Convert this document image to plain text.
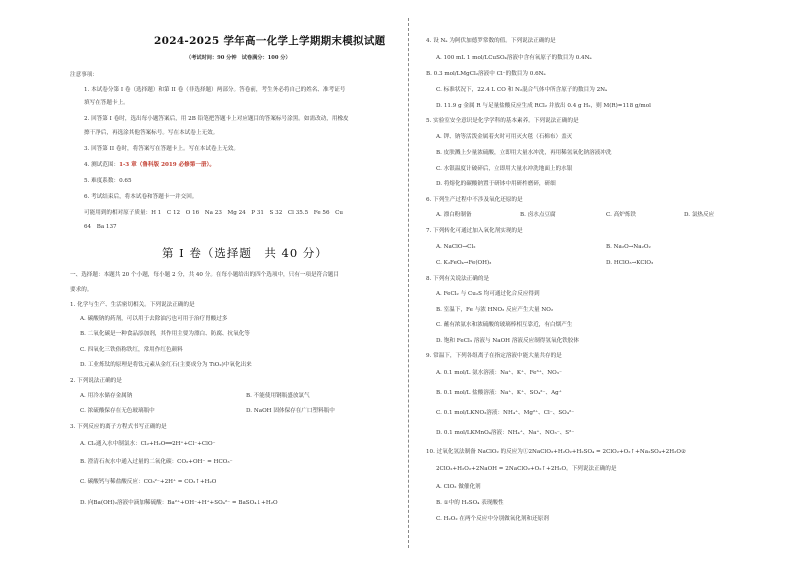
2024-2025 学年高一化学上学期期末模拟试题
（考试时间：90 分钟　试卷满分：100 分）
注意事项：
1. 本试卷分第 I 卷（选择题）和第 II 卷（非选择题）两部分。答卷前，考生务必将自己的姓名、准考证号
填写在答题卡上。
2. 回答第 I 卷时，选出每小题答案后，用 2B 铅笔把答题卡上对应题目的答案标号涂黑。如需改动，用橡皮
擦干净后，再选涂其他答案标号。写在本试卷上无效。
3. 回答第 II 卷时，将答案写在答题卡上。写在本试卷上无效。
4. 测试范围：1-3 章（鲁科版 2019 必修第一册）。
5. 难度系数：0.65
6. 考试结束后，将本试卷和答题卡一并交回。
可能用到的相对原子质量：H 1　C 12　O 16　Na 23　Mg 24　P 31　S 32　Cl 35.5　Fe 56　Cu
64　Ba 137
第 I 卷（选择题　共 40 分）
一、选择题：本题共 20 个小题，每小题 2 分，共 40 分。在每小题给出的四个选项中，只有一项是符合题目
要求的。
1. 化学与生产、生活密切相关。下列说法正确的是
A. 碳酸钠的药剂，可以用于去除油污也可用于治疗胃酸过多
B. 二氧化碳是一种食品添加剂，其作用主要为漂白、防腐、抗氧化等
C. 四氧化三铁俗称铁红，常用作红色颜料
D. 工业炼钛的原理是将钛元素从金红石(主要成分为 TiO₂)中氧化出来
2. 下列说法正确的是
A. 用冷水储存金属钠	B. 不能使用钢瓶盛放氯气
C. 浓硫酸保存在无色玻璃瓶中	D. NaOH 固体保存在广口塑料瓶中
3. 下列反应的离子方程式书写正确的是
A. Cl₂通入水中制氯水：Cl₂+H₂O══2H⁺+Cl⁻+ClO⁻
B. 澄清石灰水中通入过量的二氧化碳：CO₂+OH⁻ = HCO₃⁻
C. 碳酸钙与稀盐酸反应：CO₃²⁻+2H⁺ = CO₂↑+H₂O
D. 向Ba(OH)₂溶液中滴加稀硫酸：Ba²⁺+OH⁻+H⁺+SO₄²⁻ = BaSO₄↓+H₂O
4. 设 Nₐ 为阿伏加德罗常数的值。下列说法正确的是
A. 100 mL 1 mol/LCuSO₄溶液中含有氧原子的数目为 0.4Nₐ
B. 0.3 mol/LMgCl₂溶液中 Cl⁻的数目为 0.6Nₐ
C. 标准状况下，22.4 L CO 和 N₂混合气体中所含原子的数目为 2Nₐ
D. 11.9 g 金属 R 与足量盐酸反应生成 RCl₂ 并放出 0.4 g H₂，则 M(R)=118 g/mol
5. 实验室安全意识是化学学科的基本素养。下列说法正确的是
A. 钾、钠等活泼金属着火时可用灭火毯（石棉布）盖灭
B. 皮肤溅上少量浓硫酸，立即用大量水冲洗，再用稀氢氧化钠溶液冲洗
C. 水银温度计破碎后，立即用大量水冲洗地面上的水银
D. 将熔化的碳酸钠置于研钵中用研杵磨碎，研细
6. 下列生产过程中不涉及氧化还原的是
A. 漂白粉制备	B. 卤水点豆腐	C. 高炉炼铁	D. 氯热反应
7. 下列转化可通过加入氧化剂实现的是
A. NaClO→Cl₂	B. Na₂O→Na₂O₂
C. K₂FeO₄→Fe(OH)₃	D. HClO₃→KClO₃
8. 下列有关说法正确的是
A. FeCl₂ 与 Cu₂S 均可通过化合反应得到
B. 室温下，Fe 与浓 HNO₃ 反应产生大量 NO₂
C. 蘸有浓氨水和浓硫酸的玻璃棒相互靠近，有白烟产生
D. 饱和 FeCl₃ 溶液与 NaOH 溶液反应制得氢氧化铁胶体
9. 常温下，下列各组离子在指定溶液中能大量共存的是
A. 0.1 mol/L 氨水溶液：Na⁺、K⁺、Fe³⁺、NO₃⁻
B. 0.1 mol/L 盐酸溶液：Na⁺、K⁺、SO₄²⁻、Ag⁺
C. 0.1 mol/LKNO₃溶液：NH₄⁺、Mg²⁺、Cl⁻、SO₄²⁻
D. 0.1 mol/LKMnO₄溶液：NH₄⁺、Na⁺、NO₃⁻、S²⁻
10. 过氧化氢法制备 NaClO₂ 的反应为①2NaClO₃+H₂O₂+H₂SO₄ = 2ClO₂+O₂↑+Na₂SO₄+2H₂O②
2ClO₂+H₂O₂+2NaOH = 2NaClO₂+O₂↑+2H₂O。下列说法正确的是
A. ClO₂ 做催化剂
B. ①中的 H₂SO₄ 表现酸性
C. H₂O₂ 在两个反应中分别做氧化剂和还原剂
